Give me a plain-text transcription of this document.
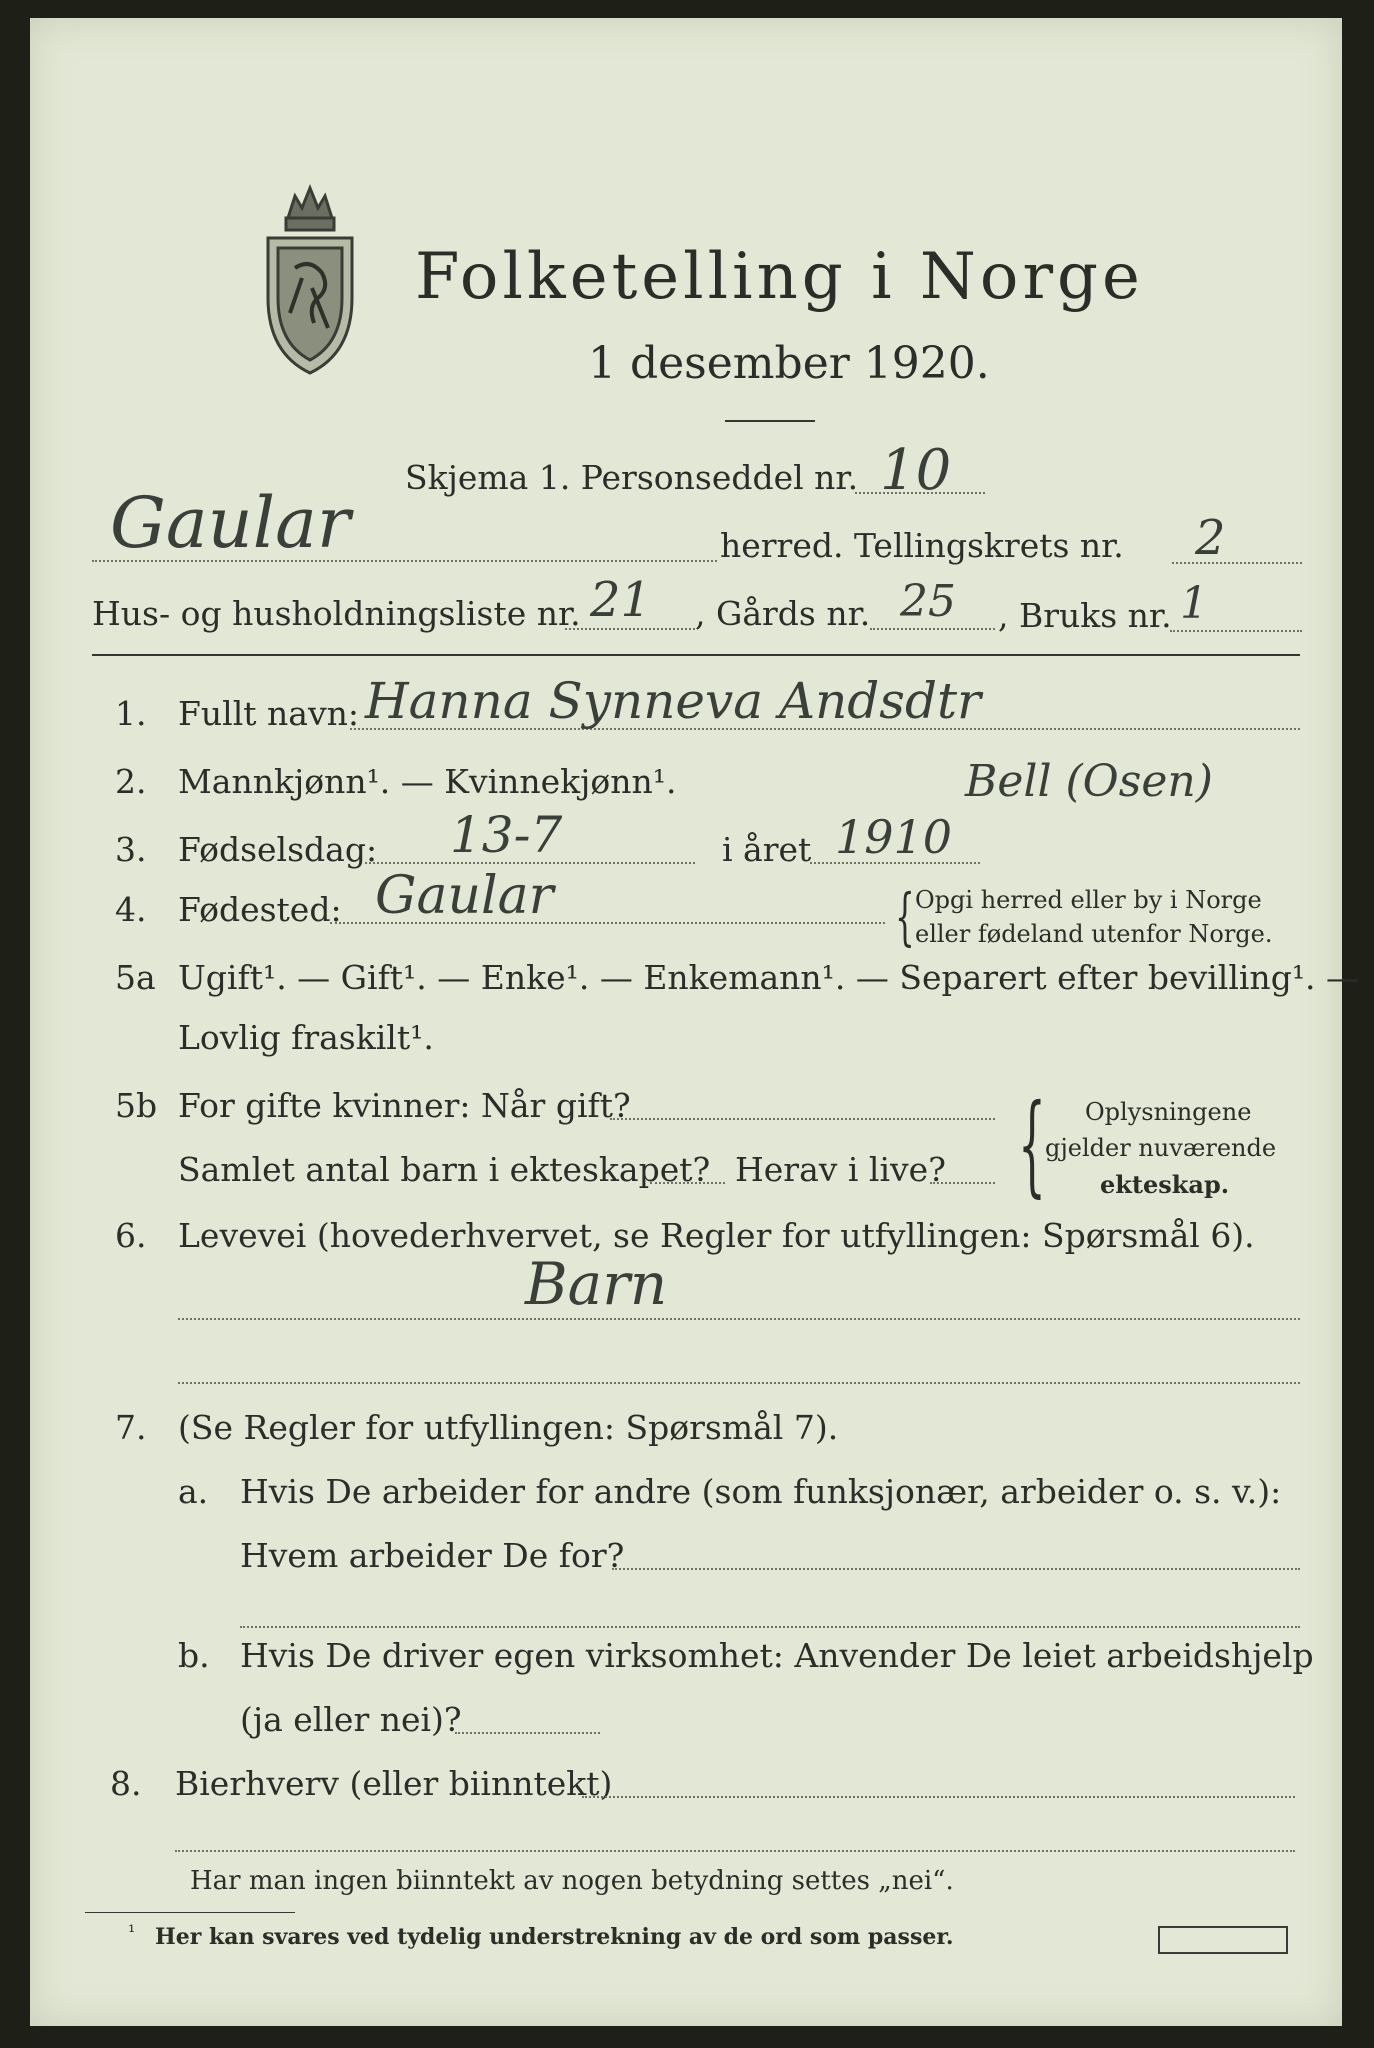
Folketelling i Norge
1 desember 1920.
Skjema 1. Personseddel nr. 10
Gaular	herred. Tellingskrets nr. 2
Hus- og husholdningsliste nr. 21 , Gårds nr. 25 , Bruks nr. 1
1. Fullt navn: Hanna Synneva Andsdtr
2. Mannkjønn¹. — Kvinnekjønn¹.	Bell (Osen)
3. Fødselsdag: 13-7	i året 1910
4. Fødested: Gaular	{ Opgi herred eller by i Norge
eller fødeland utenfor Norge.
5a Ugift¹. — Gift¹. — Enke¹. — Enkemann¹. — Separert efter bevilling¹. —
Lovlig fraskilt¹.
5b For gifte kvinner: Når gift?
Samlet antal barn i ekteskapet? Herav i live? { Oplysningene
gjelder nuværende
ekteskap.
6. Levevei (hovederhvervet, se Regler for utfyllingen: Spørsmål 6).
Barn
7. (Se Regler for utfyllingen: Spørsmål 7).
a. Hvis De arbeider for andre (som funksjonær, arbeider o. s. v.):
Hvem arbeider De for?
b. Hvis De driver egen virksomhet: Anvender De leiet arbeidshjelp
(ja eller nei)?
8. Bierhverv (eller biinntekt)
Har man ingen biinntekt av nogen betydning settes „nei“.
¹ Her kan svares ved tydelig understrekning av de ord som passer.
